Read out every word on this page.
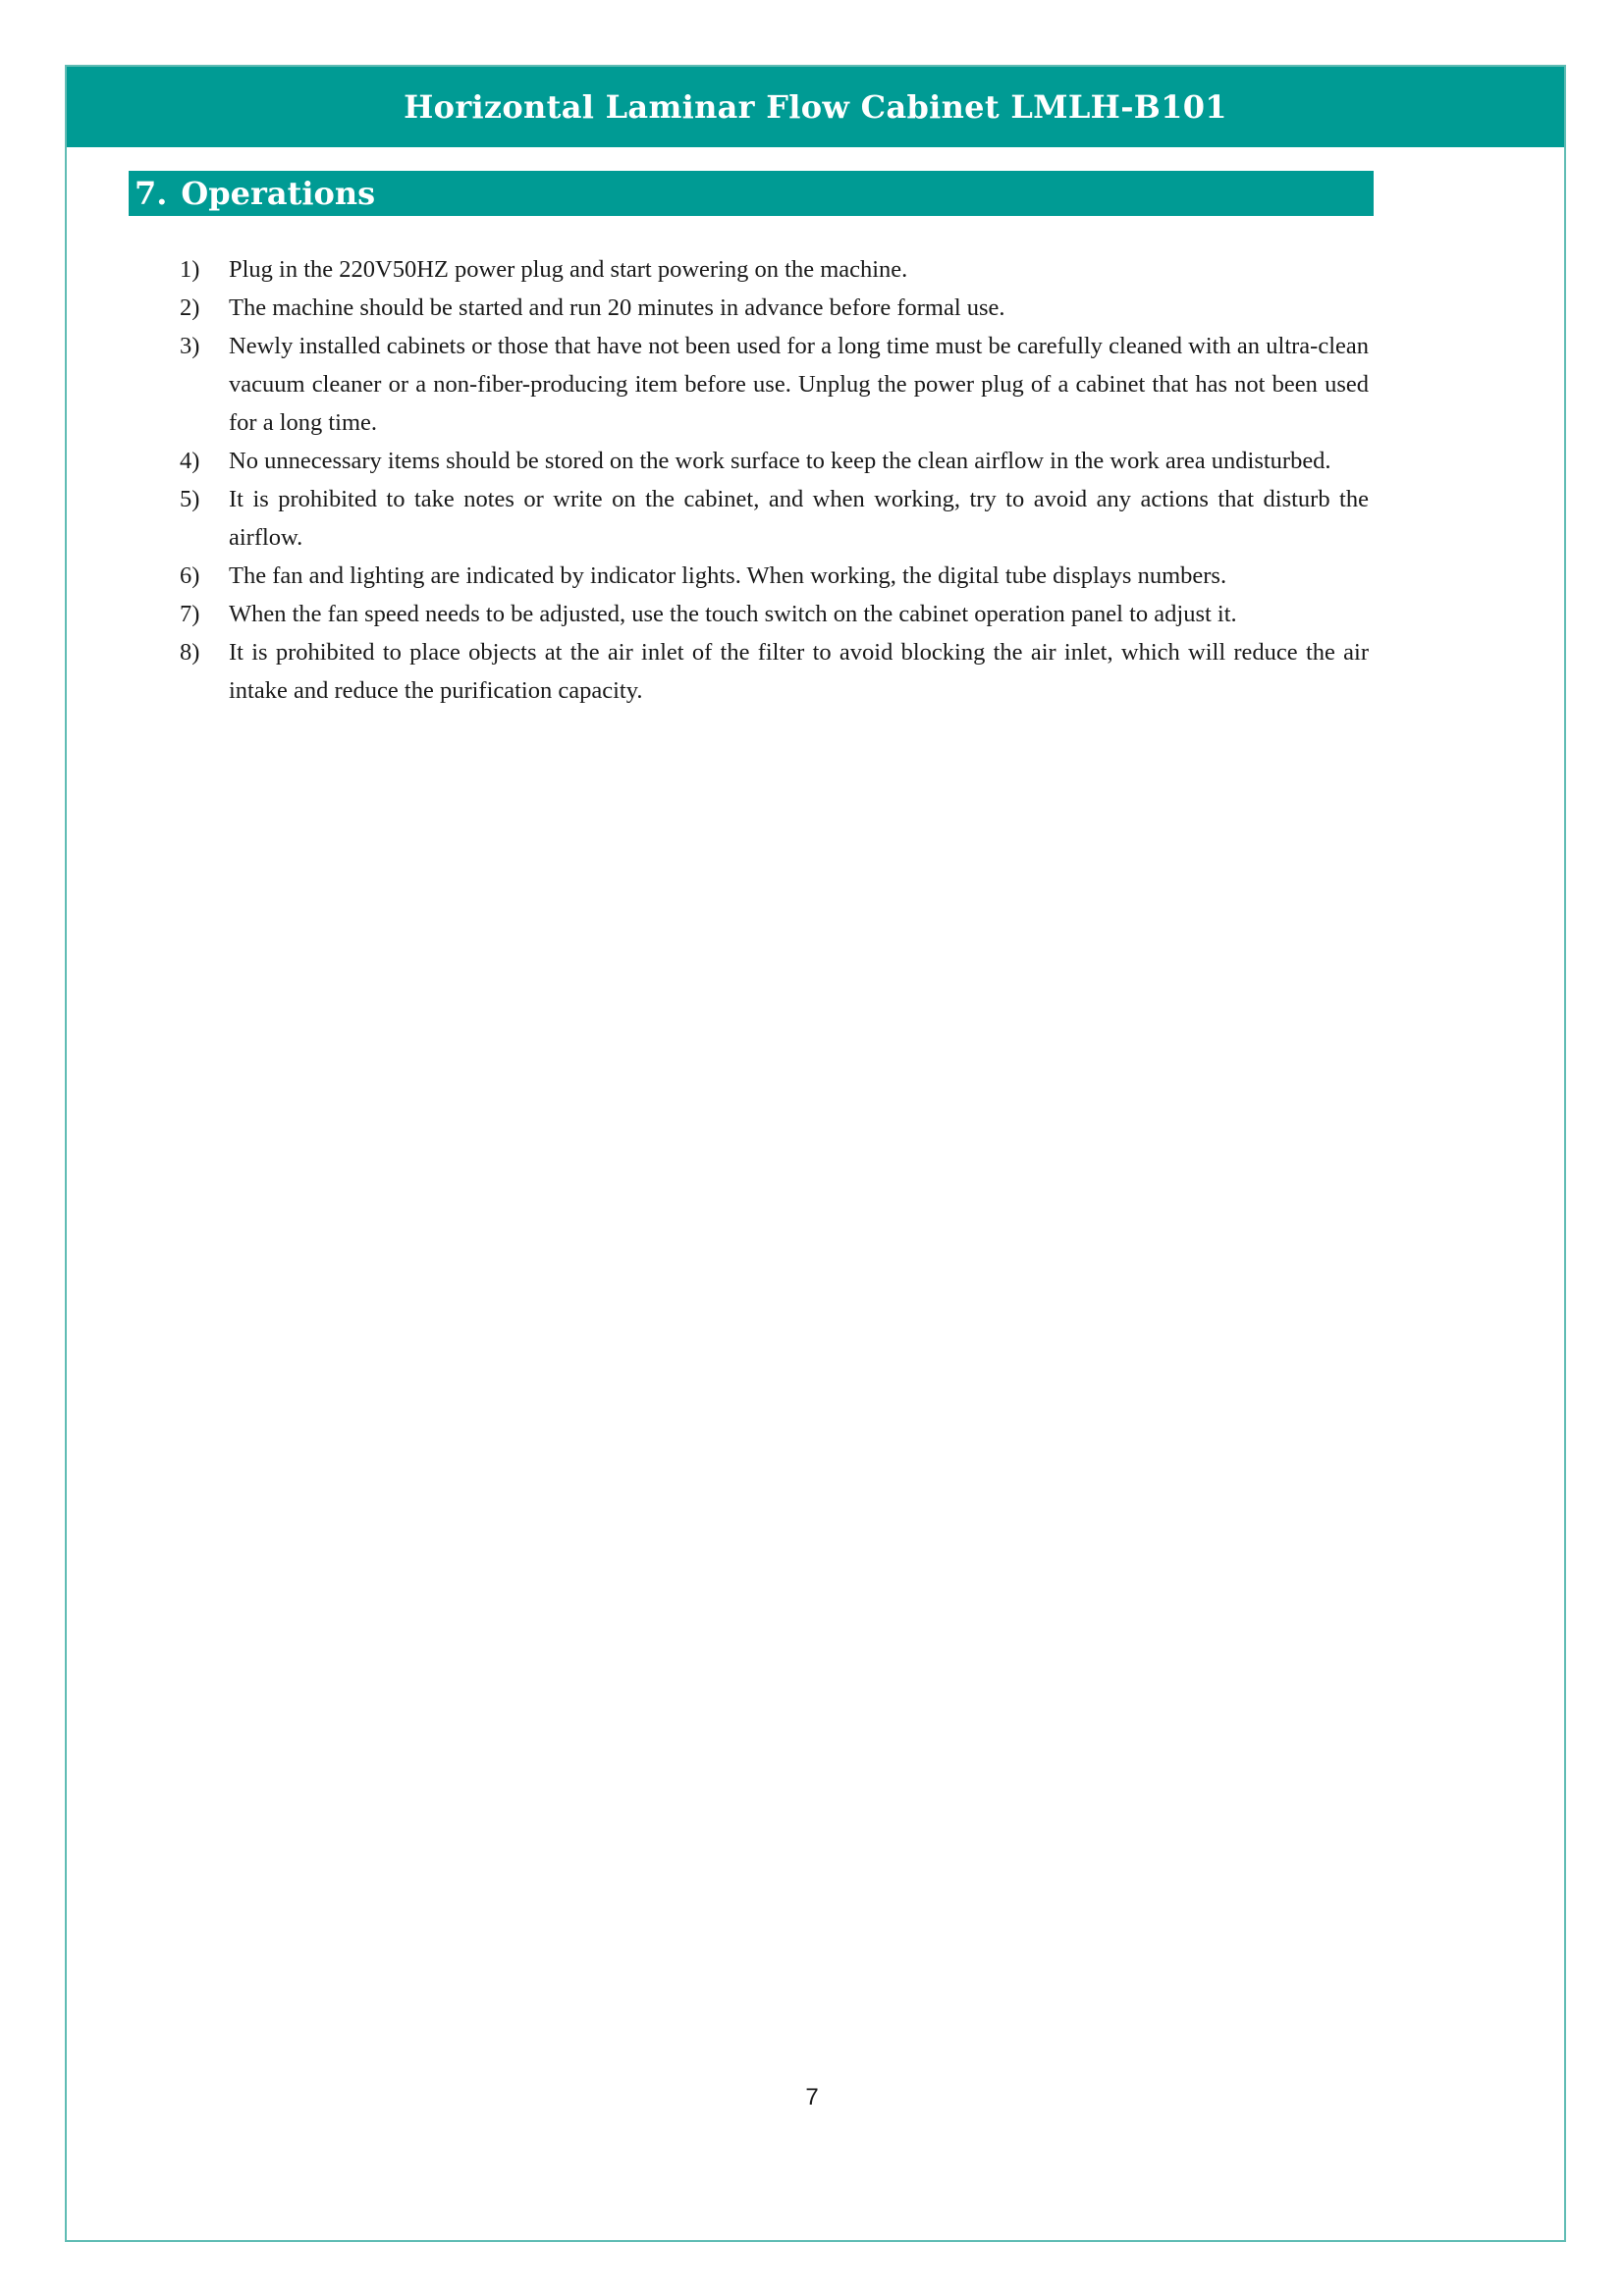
Horizontal Laminar Flow Cabinet LMLH-B101
7. Operations
1)	Plug in the 220V50HZ power plug and start powering on the machine.
2)	The machine should be started and run 20 minutes in advance before formal use.
3)	Newly installed cabinets or those that have not been used for a long time must be carefully cleaned with an ultra-clean vacuum cleaner or a non-fiber-producing item before use. Unplug the power plug of a cabinet that has not been used for a long time.
4)	No unnecessary items should be stored on the work surface to keep the clean airflow in the work area undisturbed.
5)	It is prohibited to take notes or write on the cabinet, and when working, try to avoid any actions that disturb the airflow.
6)	The fan and lighting are indicated by indicator lights. When working, the digital tube displays numbers.
7)	When the fan speed needs to be adjusted, use the touch switch on the cabinet operation panel to adjust it.
8)	It is prohibited to place objects at the air inlet of the filter to avoid blocking the air inlet, which will reduce the air intake and reduce the purification capacity.
7
